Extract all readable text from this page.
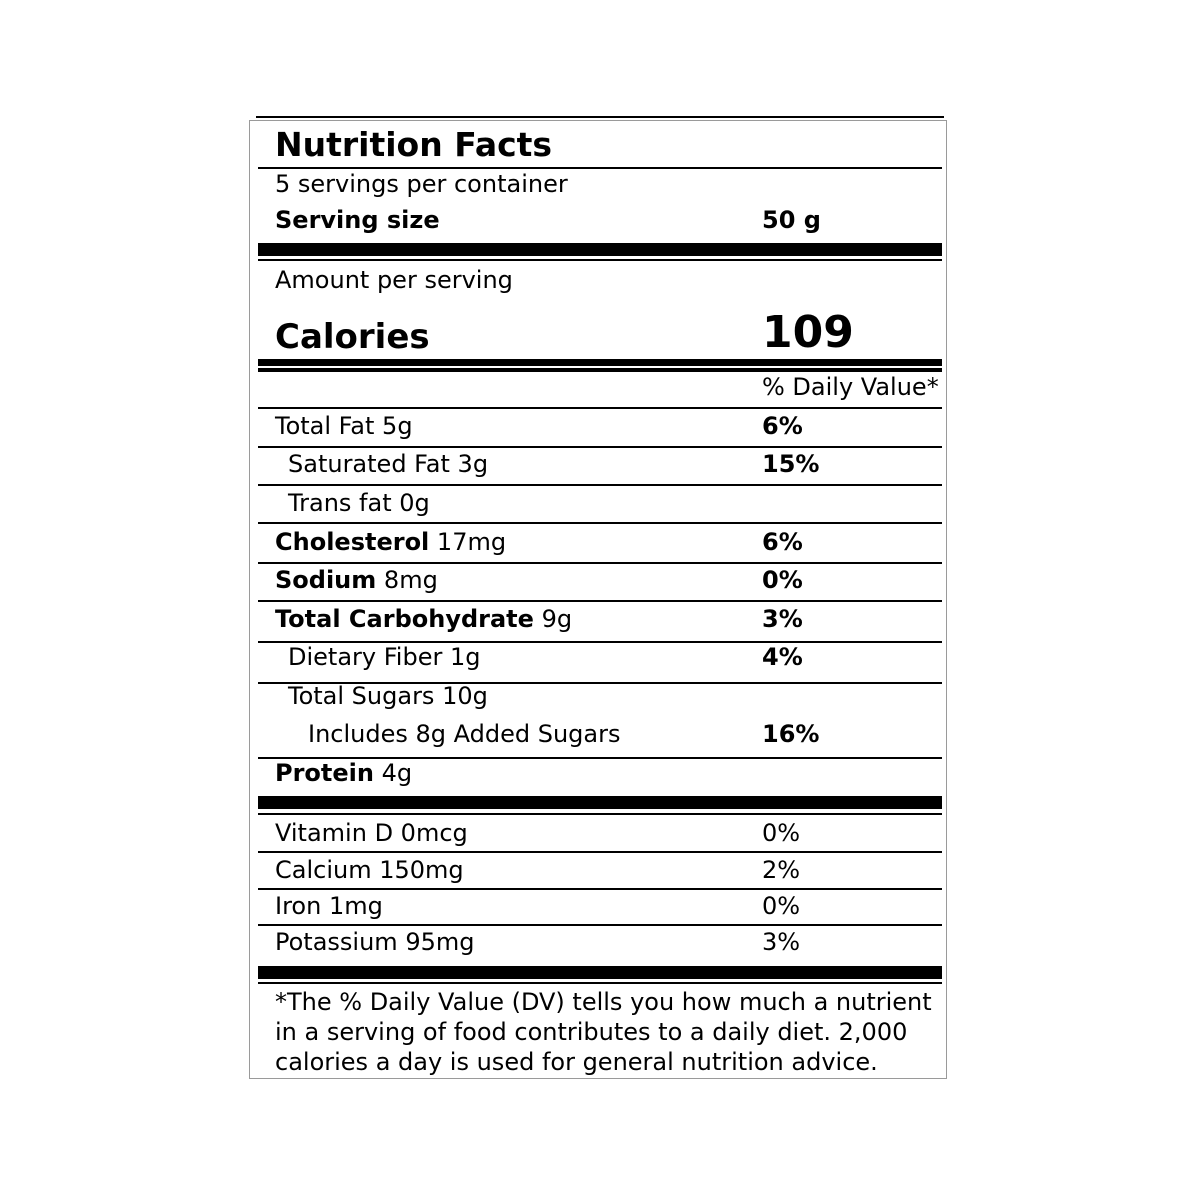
Nutrition Facts
5 servings per container
Serving size	50 g
Amount per serving
Calories	109
% Daily Value*
Total Fat 5g	6%
Saturated Fat 3g	15%
Trans fat 0g
Cholesterol 17mg	6%
Sodium 8mg	0%
Total Carbohydrate 9g	3%
Dietary Fiber 1g	4%
Total Sugars 10g
Includes 8g Added Sugars	16%
Protein 4g
Vitamin D 0mcg	0%
Calcium 150mg	2%
Iron 1mg	0%
Potassium 95mg	3%
*The % Daily Value (DV) tells you how much a nutrient in a serving of food contributes to a daily diet. 2,000 calories a day is used for general nutrition advice.
